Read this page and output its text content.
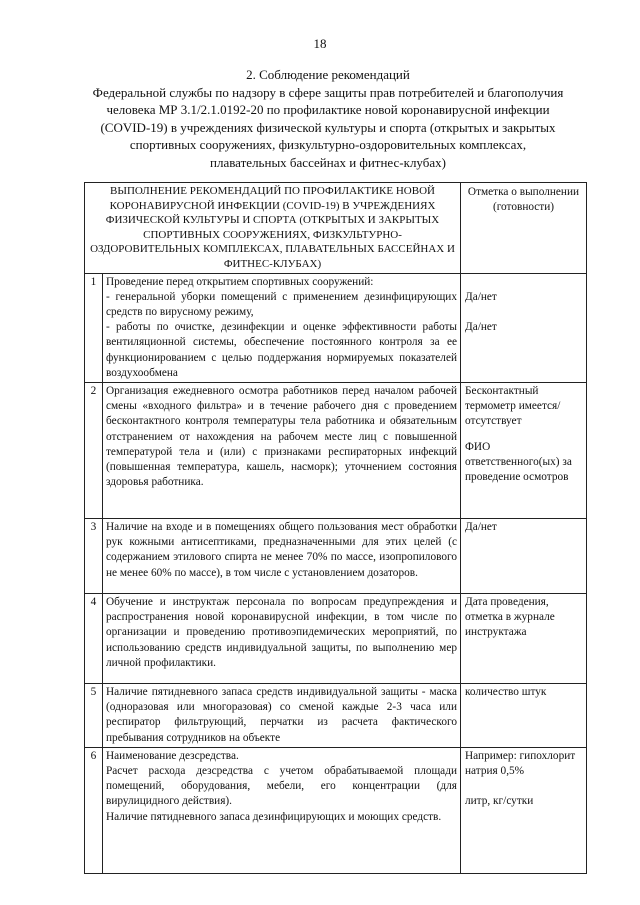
18
2. Соблюдение рекомендаций
Федеральной службы по надзору в сфере защиты прав потребителей и благополучия
человека МР 3.1/2.1.0192-20 по профилактике новой коронавирусной инфекции
(COVID-19) в учреждениях физической культуры и спорта (открытых и закрытых
спортивных сооружениях, физкультурно-оздоровительных комплексах,
плавательных бассейнах и фитнес-клубах)
ВЫПОЛНЕНИЕ РЕКОМЕНДАЦИЙ ПО ПРОФИЛАКТИКЕ НОВОЙ КОРОНАВИРУСНОЙ ИНФЕКЦИИ (COVID-19) В УЧРЕЖДЕНИЯХ ФИЗИЧЕСКОЙ КУЛЬТУРЫ И СПОРТА (ОТКРЫТЫХ И ЗАКРЫТЫХ СПОРТИВНЫХ СООРУЖЕНИЯХ, ФИЗКУЛЬТУРНО-ОЗДОРОВИТЕЛЬНЫХ КОМПЛЕКСАХ, ПЛАВАТЕЛЬНЫХ БАССЕЙНАХ И ФИТНЕС-КЛУБАХ)		Отметка о выполнении (готовности)
1	Проведение перед открытием спортивных сооружений:
- генеральной уборки помещений с применением дезинфицирующих средств по вирусному режиму,
- работы по очистке, дезинфекции и оценке эффективности работы вентиляционной системы, обеспечение постоянного контроля за ее функционированием с целью поддержания нормируемых показателей воздухообмена	Да/нет
Да/нет

2	Организация ежедневного осмотра работников перед началом рабочей смены «входного фильтра» и в течение рабочего дня с проведением бесконтактного контроля температуры тела работника и обязательным отстранением от нахождения на рабочем месте лиц с повышенной температурой тела и (или) с признаками респираторных инфекций (повышенная температура, кашель, насморк); уточнением состояния здоровья работника.	Бесконтактный термометр имеется/отсутствует
ФИО ответственного(ых) за проведение осмотров

3	Наличие на входе и в помещениях общего пользования мест обработки рук кожными антисептиками, предназначенными для этих целей (с содержанием этилового спирта не менее 70% по массе, изопропилового не менее 60% по массе), в том числе с установлением дозаторов.	Да/нет
4	Обучение и инструктаж персонала по вопросам предупреждения и распространения новой коронавирусной инфекции, в том числе по организации и проведению противоэпидемических мероприятий, по использованию средств индивидуальной защиты, по выполнению мер личной профилактики.	Дата проведения, отметка в журнале инструктажа
5	Наличие пятидневного запаса средств индивидуальной защиты - маска (одноразовая или многоразовая) со сменой каждые 2-3 часа или респиратор фильтрующий, перчатки из расчета фактического пребывания сотрудников на объекте	количество штук
6	Наименование дезсредства.
Расчет расхода дезсредства с учетом обрабатываемой площади помещений, оборудования, мебели, его концентрации (для вирулицидного действия).
Наличие пятидневного запаса дезинфицирующих и моющих средств.	Например: гипохлорит натрия 0,5%
литр, кг/сутки
